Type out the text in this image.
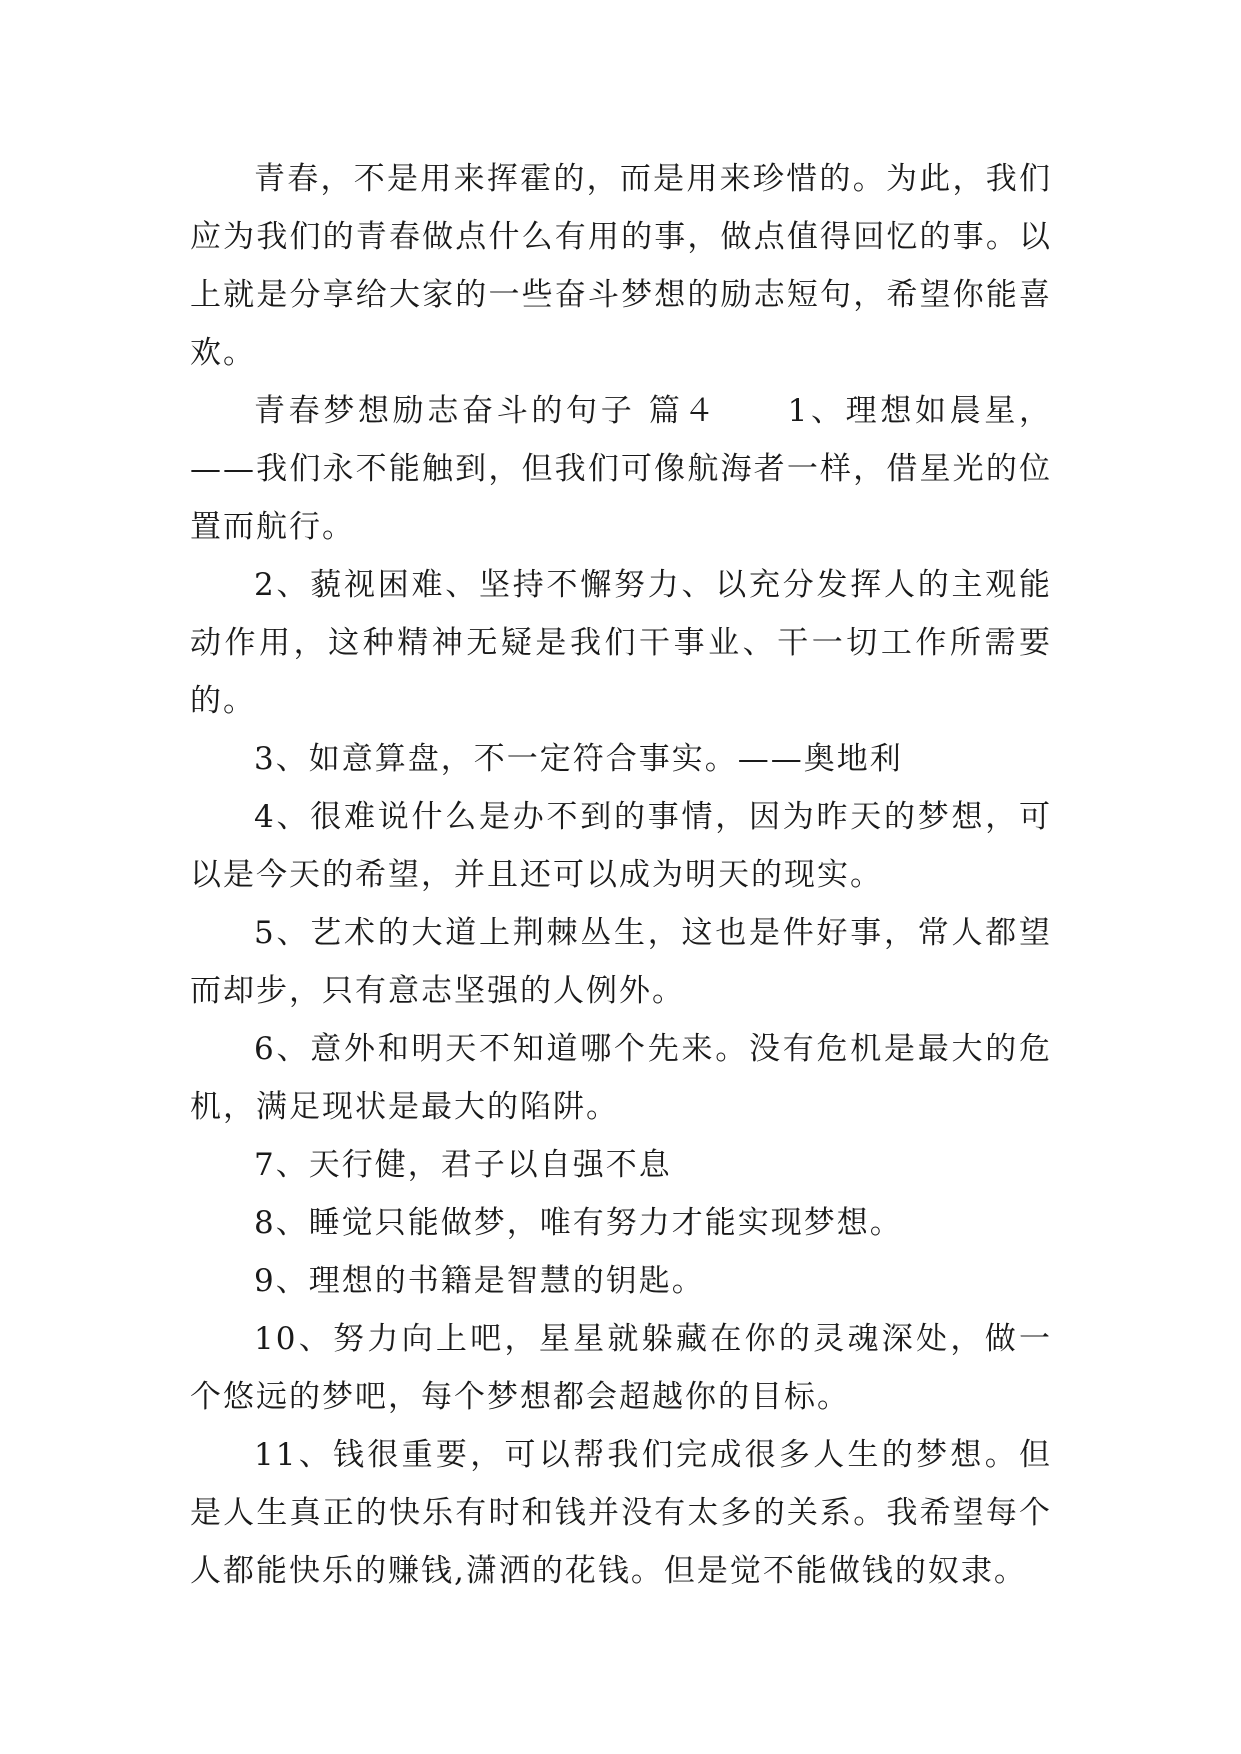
青春，不是用来挥霍的，而是用来珍惜的。为此，我们应为我们的青春做点什么有用的事，做点值得回忆的事。以上就是分享给大家的一些奋斗梦想的励志短句，希望你能喜欢。

青春梦想励志奋斗的句子 篇４　　1、理想如晨星，——我们永不能触到，但我们可像航海者一样，借星光的位置而航行。

2、藐视困难、坚持不懈努力、以充分发挥人的主观能动作用，这种精神无疑是我们干事业、干一切工作所需要的。

3、如意算盘，不一定符合事实。——奥地利

4、很难说什么是办不到的事情，因为昨天的梦想，可以是今天的希望，并且还可以成为明天的现实。

5、艺术的大道上荆棘丛生，这也是件好事，常人都望而却步，只有意志坚强的人例外。

6、意外和明天不知道哪个先来。没有危机是最大的危机，满足现状是最大的陷阱。

7、天行健，君子以自强不息

8、睡觉只能做梦，唯有努力才能实现梦想。

9、理想的书籍是智慧的钥匙。

10、努力向上吧，星星就躲藏在你的灵魂深处，做一个悠远的梦吧，每个梦想都会超越你的目标。

11、钱很重要，可以帮我们完成很多人生的梦想。但是人生真正的快乐有时和钱并没有太多的关系。我希望每个人都能快乐的赚钱,潇洒的花钱。但是觉不能做钱的奴隶。
